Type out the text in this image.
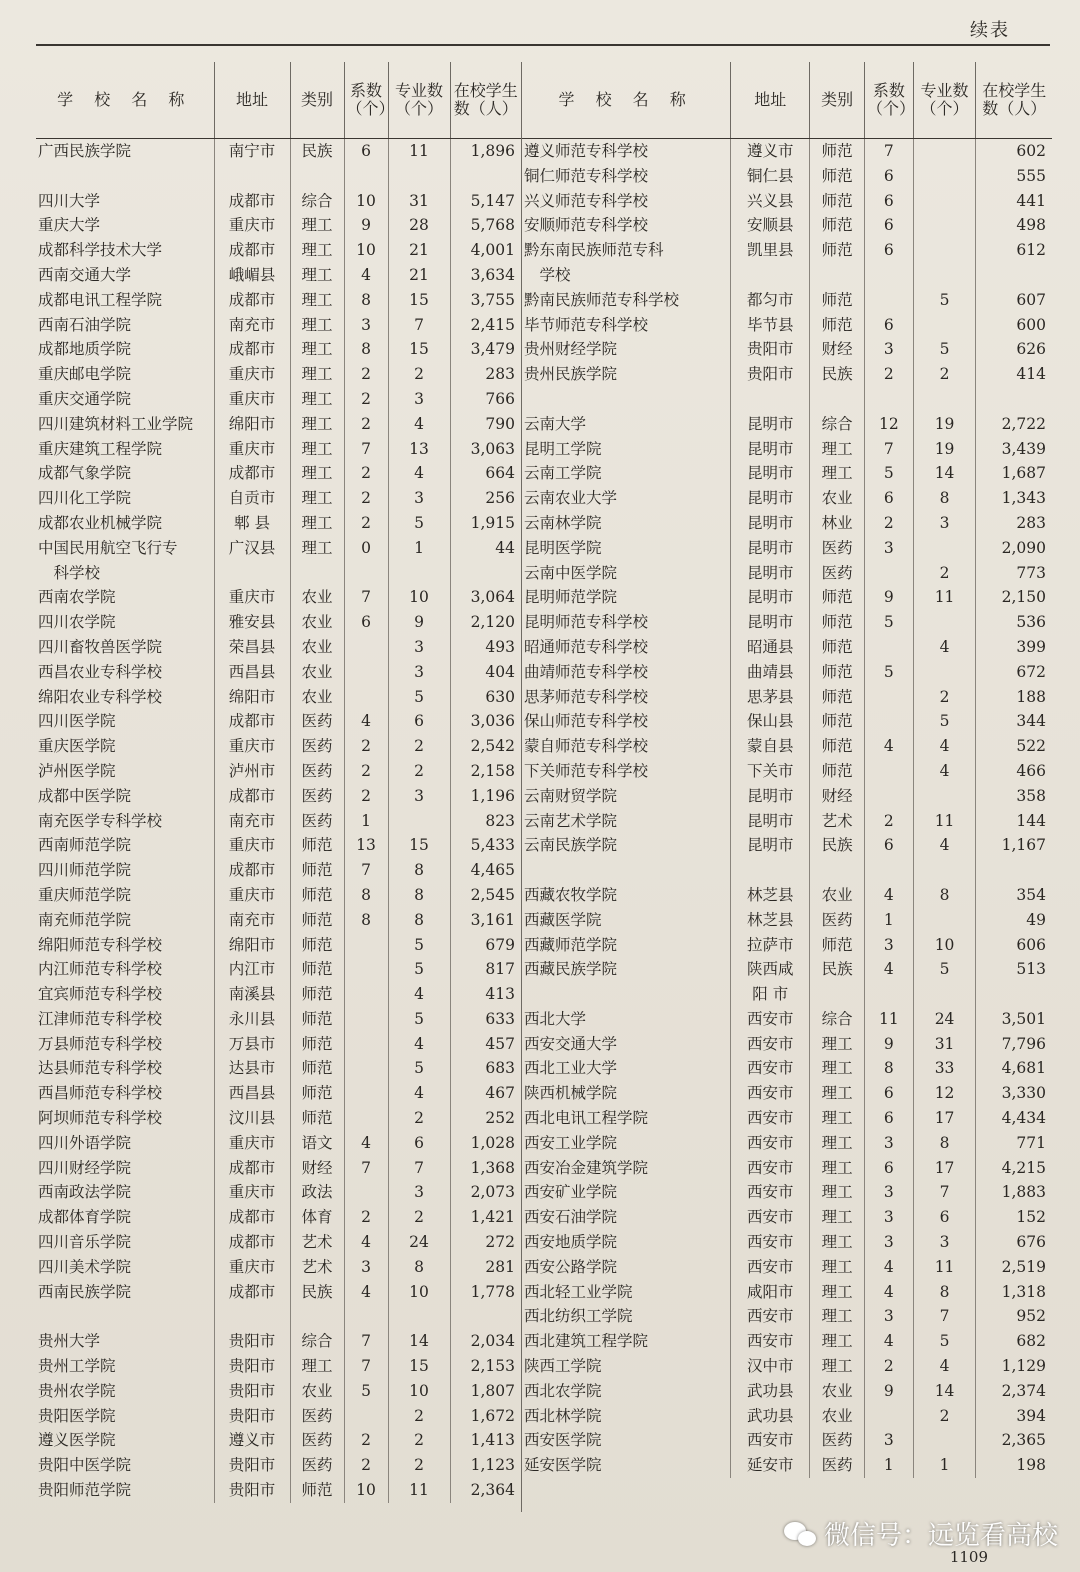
续表
学 校 名 称	地址	类别	系数（个）	专业数（个）	在校学生数（人）
广西民族学院	南宁市	民族	6	11	1,896

四川大学	成都市	综合	10	31	5,147
重庆大学	重庆市	理工	9	28	5,768
成都科学技术大学	成都市	理工	10	21	4,001
西南交通大学	峨嵋县	理工	4	21	3,634
成都电讯工程学院	成都市	理工	8	15	3,755
西南石油学院	南充市	理工	3	7	2,415
成都地质学院	成都市	理工	8	15	3,479
重庆邮电学院	重庆市	理工	2	2	283
重庆交通学院	重庆市	理工	2	3	766
四川建筑材料工业学院	绵阳市	理工	2	4	790
重庆建筑工程学院	重庆市	理工	7	13	3,063
成都气象学院	成都市	理工	2	4	664
四川化工学院	自贡市	理工	2	3	256
成都农业机械学院	郫 县	理工	2	5	1,915
中国民用航空飞行专	广汉县	理工	0	1	44
　科学校					
西南农学院	重庆市	农业	7	10	3,064
四川农学院	雅安县	农业	6	9	2,120
四川畜牧兽医学院	荣昌县	农业		3	493
西昌农业专科学校	西昌县	农业		3	404
绵阳农业专科学校	绵阳市	农业		5	630
四川医学院	成都市	医药	4	6	3,036
重庆医学院	重庆市	医药	2	2	2,542
泸州医学院	泸州市	医药	2	2	2,158
成都中医学院	成都市	医药	2	3	1,196
南充医学专科学校	南充市	医药	1		823
西南师范学院	重庆市	师范	13	15	5,433
四川师范学院	成都市	师范	7	8	4,465
重庆师范学院	重庆市	师范	8	8	2,545
南充师范学院	南充市	师范	8	8	3,161
绵阳师范专科学校	绵阳市	师范		5	679
内江师范专科学校	内江市	师范		5	817
宜宾师范专科学校	南溪县	师范		4	413
江津师范专科学校	永川县	师范		5	633
万县师范专科学校	万县市	师范		4	457
达县师范专科学校	达县市	师范		5	683
西昌师范专科学校	西昌县	师范		4	467
阿坝师范专科学校	汶川县	师范		2	252
四川外语学院	重庆市	语文	4	6	1,028
四川财经学院	成都市	财经	7	7	1,368
西南政法学院	重庆市	政法		3	2,073
成都体育学院	成都市	体育	2	2	1,421
四川音乐学院	成都市	艺术	4	24	272
四川美术学院	重庆市	艺术	3	8	281
西南民族学院	成都市	民族	4	10	1,778

贵州大学	贵阳市	综合	7	14	2,034
贵州工学院	贵阳市	理工	7	15	2,153
贵州农学院	贵阳市	农业	5	10	1,807
贵阳医学院	贵阳市	医药		2	1,672
遵义医学院	遵义市	医药	2	2	1,413
贵阳中医学院	贵阳市	医药	2	2	1,123
贵阳师范学院	贵阳市	师范	10	11	2,364
学 校 名 称	地址	类别	系数（个）	专业数（个）	在校学生数（人）
遵义师范专科学校	遵义市	师范	7		602
铜仁师范专科学校	铜仁县	师范	6		555
兴义师范专科学校	兴义县	师范	6		441
安顺师范专科学校	安顺县	师范	6		498
黔东南民族师范专科	凯里县	师范	6		612
　学校					
黔南民族师范专科学校	都匀市	师范		5	607
毕节师范专科学校	毕节县	师范	6		600
贵州财经学院	贵阳市	财经	3	5	626
贵州民族学院	贵阳市	民族	2	2	414

云南大学	昆明市	综合	12	19	2,722
昆明工学院	昆明市	理工	7	19	3,439
云南工学院	昆明市	理工	5	14	1,687
云南农业大学	昆明市	农业	6	8	1,343
云南林学院	昆明市	林业	2	3	283
昆明医学院	昆明市	医药	3		2,090
云南中医学院	昆明市	医药		2	773
昆明师范学院	昆明市	师范	9	11	2,150
昆明师范专科学校	昆明市	师范	5		536
昭通师范专科学校	昭通县	师范		4	399
曲靖师范专科学校	曲靖县	师范	5		672
思茅师范专科学校	思茅县	师范		2	188
保山师范专科学校	保山县	师范		5	344
蒙自师范专科学校	蒙自县	师范	4	4	522
下关师范专科学校	下关市	师范		4	466
云南财贸学院	昆明市	财经			358
云南艺术学院	昆明市	艺术	2	11	144
云南民族学院	昆明市	民族	6	4	1,167

西藏农牧学院	林芝县	农业	4	8	354
西藏医学院	林芝县	医药	1		49
西藏师范学院	拉萨市	师范	3	10	606
西藏民族学院	陕西咸	民族	4	5	513
	阳 市				
西北大学	西安市	综合	11	24	3,501
西安交通大学	西安市	理工	9	31	7,796
西北工业大学	西安市	理工	8	33	4,681
陕西机械学院	西安市	理工	6	12	3,330
西北电讯工程学院	西安市	理工	6	17	4,434
西安工业学院	西安市	理工	3	8	771
西安冶金建筑学院	西安市	理工	6	17	4,215
西安矿业学院	西安市	理工	3	7	1,883
西安石油学院	西安市	理工	3	6	152
西安地质学院	西安市	理工	3	3	676
西安公路学院	西安市	理工	4	11	2,519
西北轻工业学院	咸阳市	理工	4	8	1,318
西北纺织工学院	西安市	理工	3	7	952
西北建筑工程学院	西安市	理工	4	5	682
陕西工学院	汉中市	理工	2	4	1,129
西北农学院	武功县	农业	9	14	2,374
西北林学院	武功县	农业		2	394
西安医学院	西安市	医药	3		2,365
延安医学院	延安市	医药	1	1	198
1109
微信号：远览看高校
